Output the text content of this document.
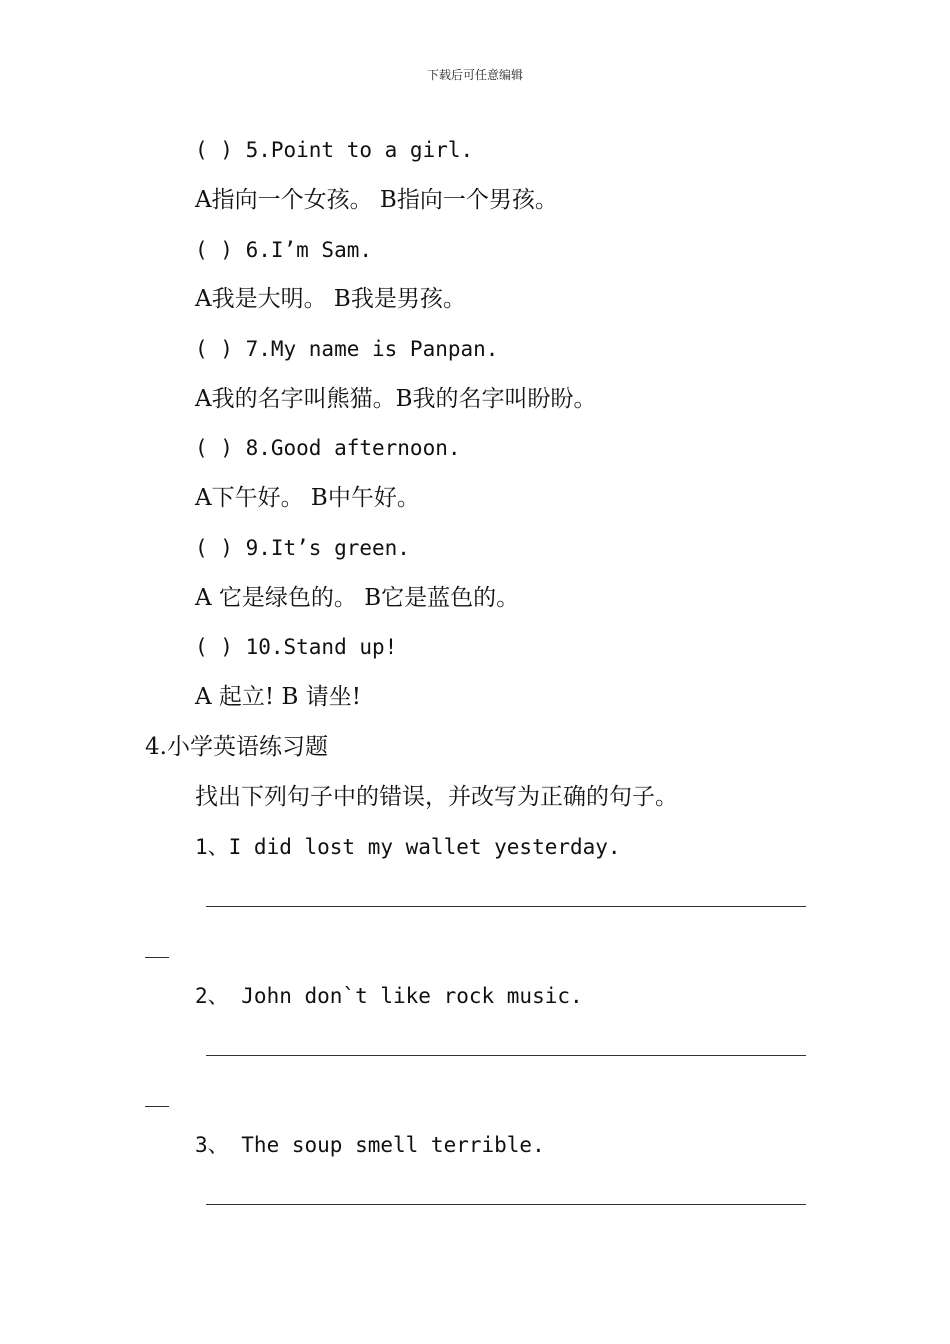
下载后可任意编辑
( ) 5.Point to a girl.
A指向一个女孩。 B指向一个男孩。
( ) 6.I’m Sam.
A我是大明。 B我是男孩。
( ) 7.My name is Panpan.
A我的名字叫熊猫。B我的名字叫盼盼。
( ) 8.Good afternoon.
A下午好。 B中午好。
( ) 9.It’s green.
A 它是绿色的。 B它是蓝色的。
( ) 10.Stand up!
A 起立! B 请坐!
4.小学英语练习题
找出下列句子中的错误，并改写为正确的句子。
1、I did lost my wallet yesterday.
2、 John don`t like rock music.
3、 The soup smell terrible.
